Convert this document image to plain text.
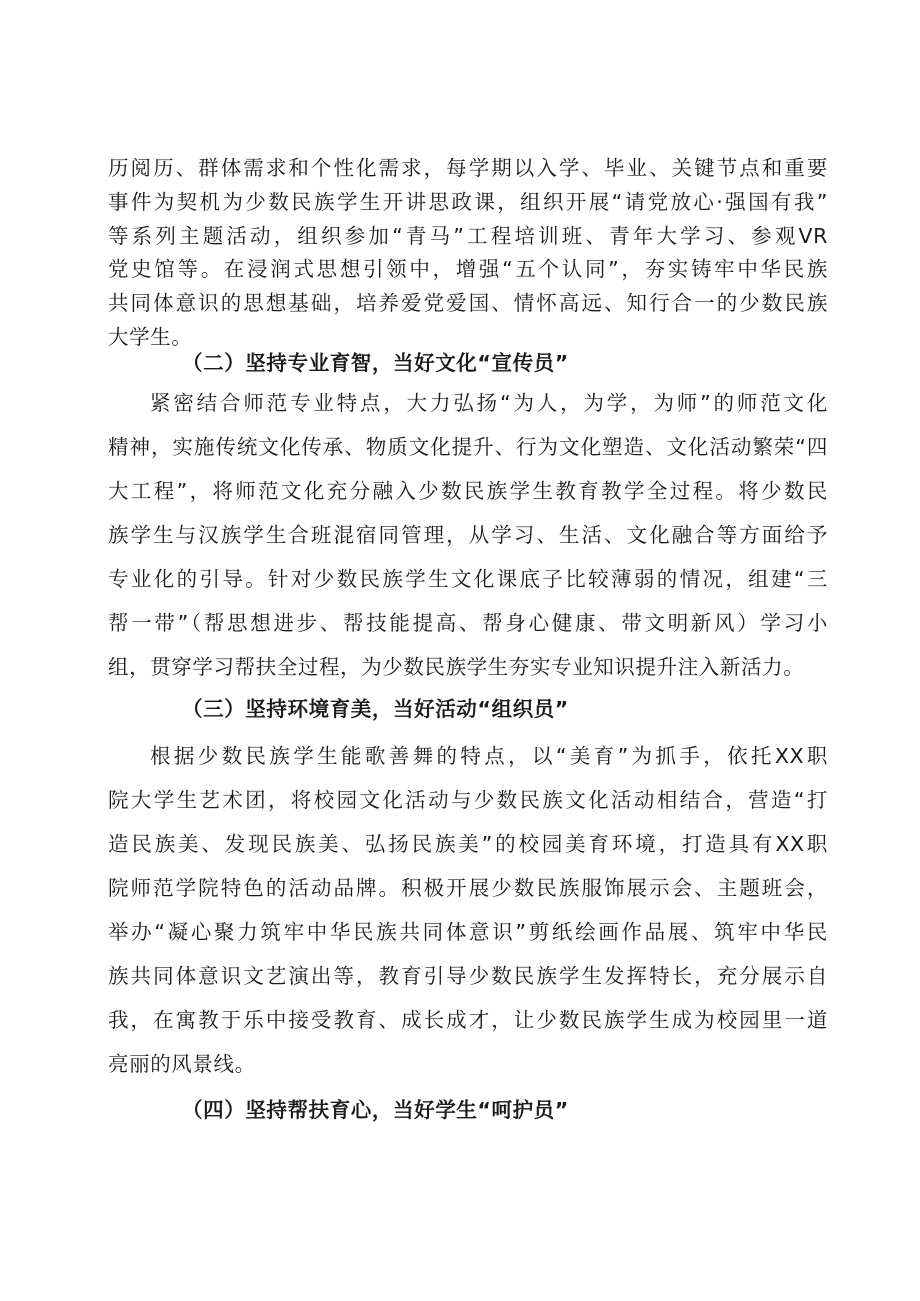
历阅历、群体需求和个性化需求，每学期以入学、毕业、关键节点和重要
事件为契机为少数民族学生开讲思政课，组织开展“请党放心·强国有我”
等系列主题活动，组织参加“青马”工程培训班、青年大学习、参观VR
党史馆等。在浸润式思想引领中，增强“五个认同”，夯实铸牢中华民族
共同体意识的思想基础，培养爱党爱国、情怀高远、知行合一的少数民族
大学生。
（二）坚持专业育智，当好文化“宣传员”
紧密结合师范专业特点，大力弘扬“为人，为学，为师”的师范文化
精神，实施传统文化传承、物质文化提升、行为文化塑造、文化活动繁荣“四
大工程”，将师范文化充分融入少数民族学生教育教学全过程。将少数民
族学生与汉族学生合班混宿同管理，从学习、生活、文化融合等方面给予
专业化的引导。针对少数民族学生文化课底子比较薄弱的情况，组建“三
帮一带”（帮思想进步、帮技能提高、帮身心健康、带文明新风）学习小
组，贯穿学习帮扶全过程，为少数民族学生夯实专业知识提升注入新活力。
（三）坚持环境育美，当好活动“组织员”
根据少数民族学生能歌善舞的特点，以“美育”为抓手，依托XX职
院大学生艺术团，将校园文化活动与少数民族文化活动相结合，营造“打
造民族美、发现民族美、弘扬民族美”的校园美育环境，打造具有XX职
院师范学院特色的活动品牌。积极开展少数民族服饰展示会、主题班会，
举办“凝心聚力筑牢中华民族共同体意识”剪纸绘画作品展、筑牢中华民
族共同体意识文艺演出等，教育引导少数民族学生发挥特长，充分展示自
我，在寓教于乐中接受教育、成长成才，让少数民族学生成为校园里一道
亮丽的风景线。
（四）坚持帮扶育心，当好学生“呵护员”
